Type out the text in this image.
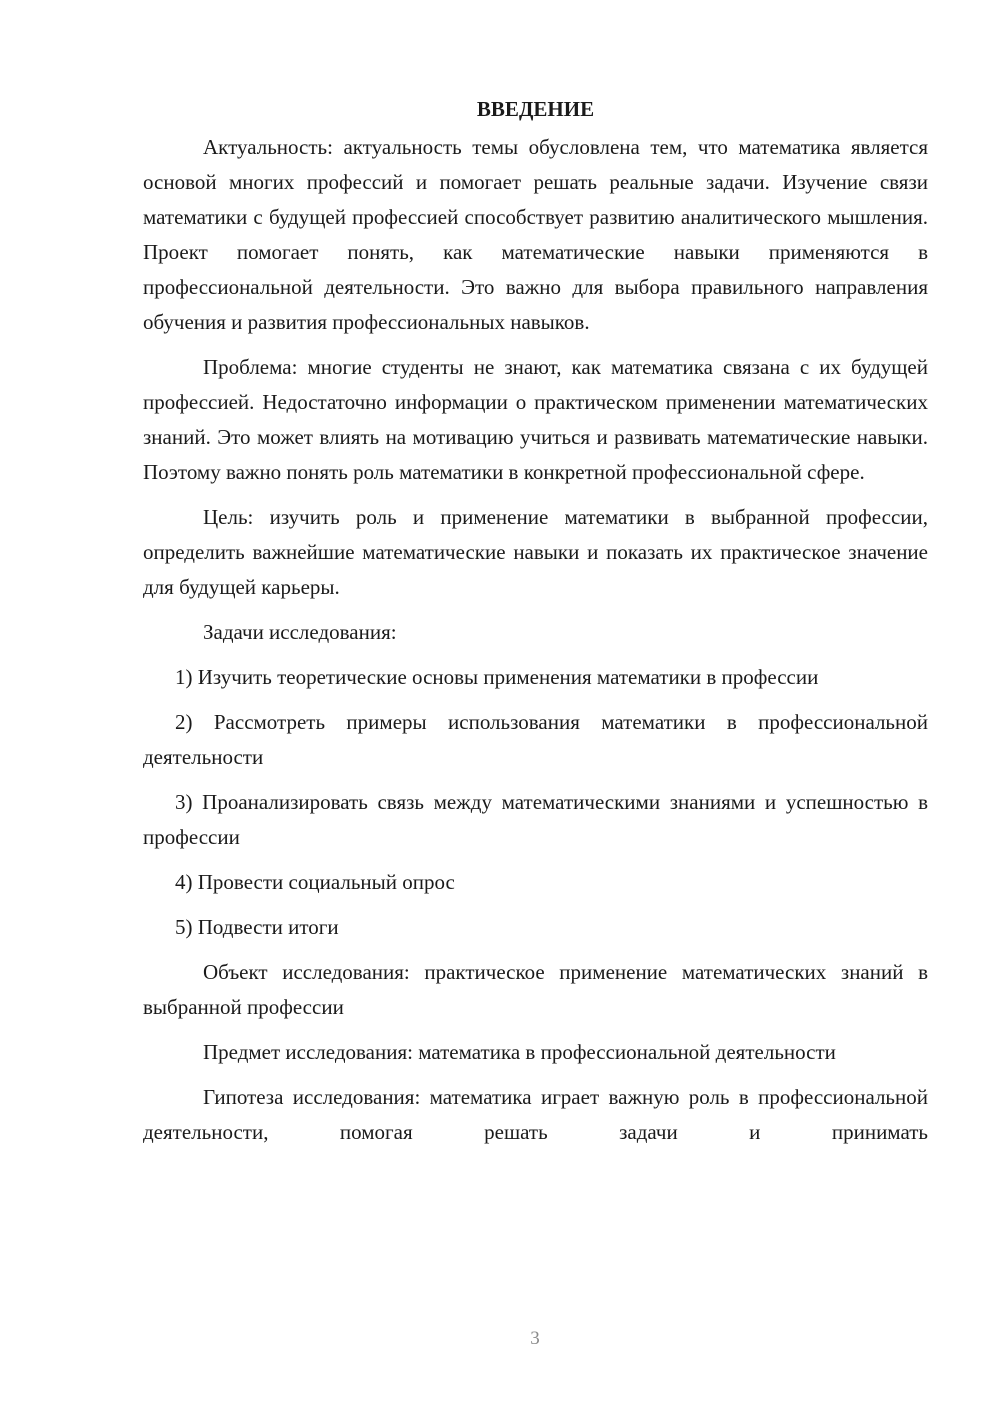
ВВЕДЕНИЕ

Актуальность: актуальность темы обусловлена тем, что математика является основой многих профессий и помогает решать реальные задачи. Изучение связи математики с будущей профессией способствует развитию аналитического мышления. Проект помогает понять, как математические навыки применяются в профессиональной деятельности. Это важно для выбора правильного направления обучения и развития профессиональных навыков.

Проблема: многие студенты не знают, как математика связана с их будущей профессией. Недостаточно информации о практическом применении математических знаний. Это может влиять на мотивацию учиться и развивать математические навыки. Поэтому важно понять роль математики в конкретной профессиональной сфере.

Цель: изучить роль и применение математики в выбранной профессии, определить важнейшие математические навыки и показать их практическое значение для будущей карьеры.

Задачи исследования:

1) Изучить теоретические основы применения математики в профессии

2) Рассмотреть примеры использования математики в профессиональной деятельности

3) Проанализировать связь между математическими знаниями и успешностью в профессии

4) Провести социальный опрос

5) Подвести итоги

Объект исследования: практическое применение математических знаний в выбранной профессии

Предмет исследования: математика в профессиональной деятельности

Гипотеза исследования: математика играет важную роль в профессиональной деятельности, помогая решать задачи и принимать

3
